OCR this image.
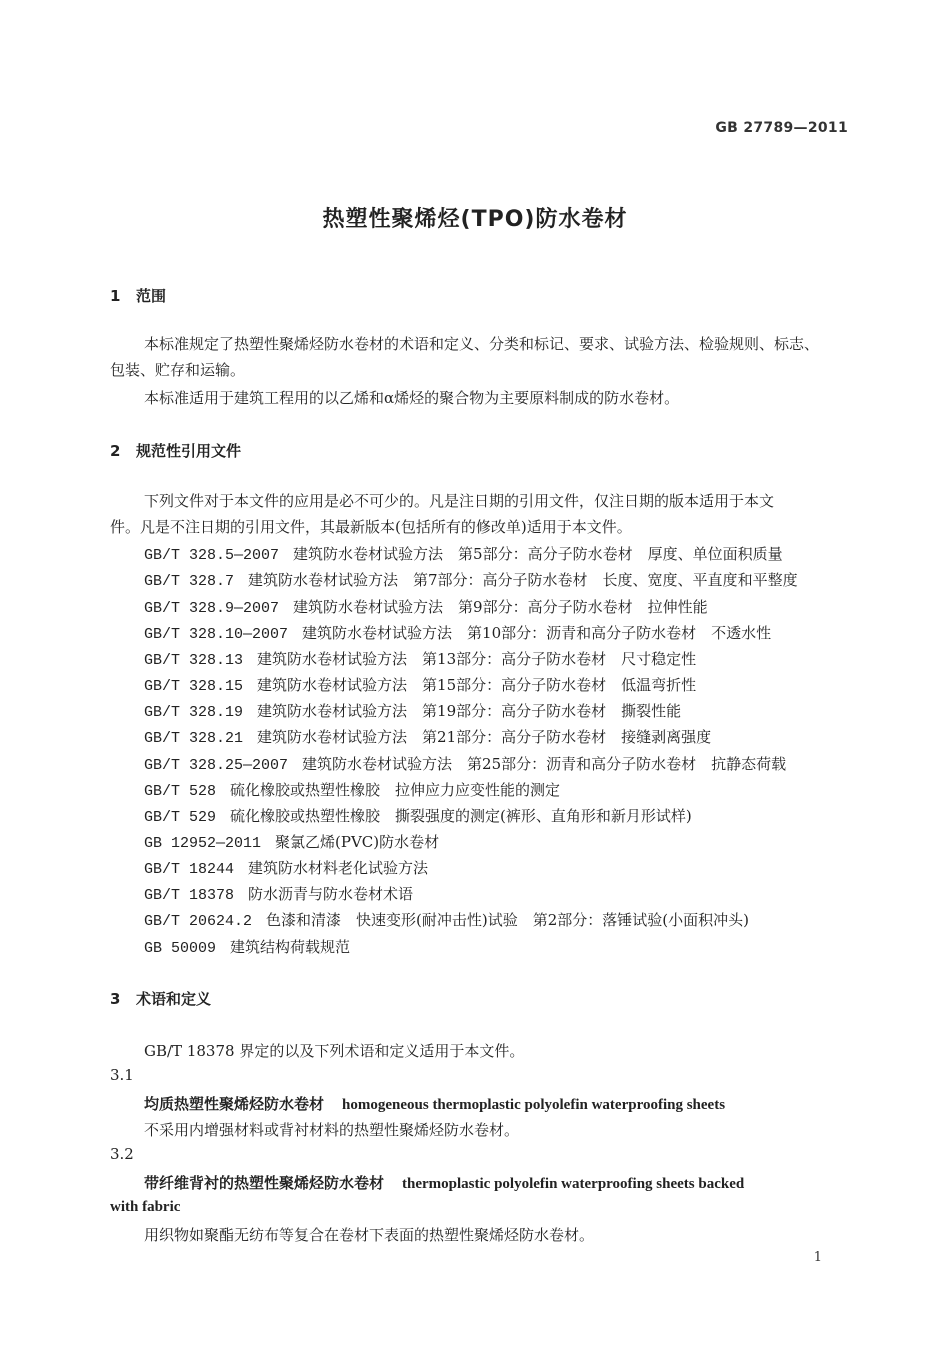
GB 27789—2011
热塑性聚烯烃(TPO)防水卷材
1 范围
本标准规定了热塑性聚烯烃防水卷材的术语和定义、分类和标记、要求、试验方法、检验规则、标志、
包装、贮存和运输。
本标准适用于建筑工程用的以乙烯和α烯烃的聚合物为主要原料制成的防水卷材。
2 规范性引用文件
下列文件对于本文件的应用是必不可少的。凡是注日期的引用文件，仅注日期的版本适用于本文
件。凡是不注日期的引用文件，其最新版本(包括所有的修改单)适用于本文件。
GB/T 328.5—2007 建筑防水卷材试验方法　第5部分：高分子防水卷材　厚度、单位面积质量
GB/T 328.7 建筑防水卷材试验方法　第7部分：高分子防水卷材　长度、宽度、平直度和平整度
GB/T 328.9—2007 建筑防水卷材试验方法　第9部分：高分子防水卷材　拉伸性能
GB/T 328.10—2007 建筑防水卷材试验方法　第10部分：沥青和高分子防水卷材　不透水性
GB/T 328.13 建筑防水卷材试验方法　第13部分：高分子防水卷材　尺寸稳定性
GB/T 328.15 建筑防水卷材试验方法　第15部分：高分子防水卷材　低温弯折性
GB/T 328.19 建筑防水卷材试验方法　第19部分：高分子防水卷材　撕裂性能
GB/T 328.21 建筑防水卷材试验方法　第21部分：高分子防水卷材　接缝剥离强度
GB/T 328.25—2007 建筑防水卷材试验方法　第25部分：沥青和高分子防水卷材　抗静态荷载
GB/T 528 硫化橡胶或热塑性橡胶　拉伸应力应变性能的测定
GB/T 529 硫化橡胶或热塑性橡胶　撕裂强度的测定(裤形、直角形和新月形试样)
GB 12952—2011 聚氯乙烯(PVC)防水卷材
GB/T 18244 建筑防水材料老化试验方法
GB/T 18378 防水沥青与防水卷材术语
GB/T 20624.2 色漆和清漆　快速变形(耐冲击性)试验　第2部分：落锤试验(小面积冲头)
GB 50009 建筑结构荷载规范
3 术语和定义
GB/T 18378 界定的以及下列术语和定义适用于本文件。
3.1
均质热塑性聚烯烃防水卷材 homogeneous thermoplastic polyolefin waterproofing sheets
不采用内增强材料或背衬材料的热塑性聚烯烃防水卷材。
3.2
带纤维背衬的热塑性聚烯烃防水卷材 thermoplastic polyolefin waterproofing sheets backed
with fabric
用织物如聚酯无纺布等复合在卷材下表面的热塑性聚烯烃防水卷材。
1
